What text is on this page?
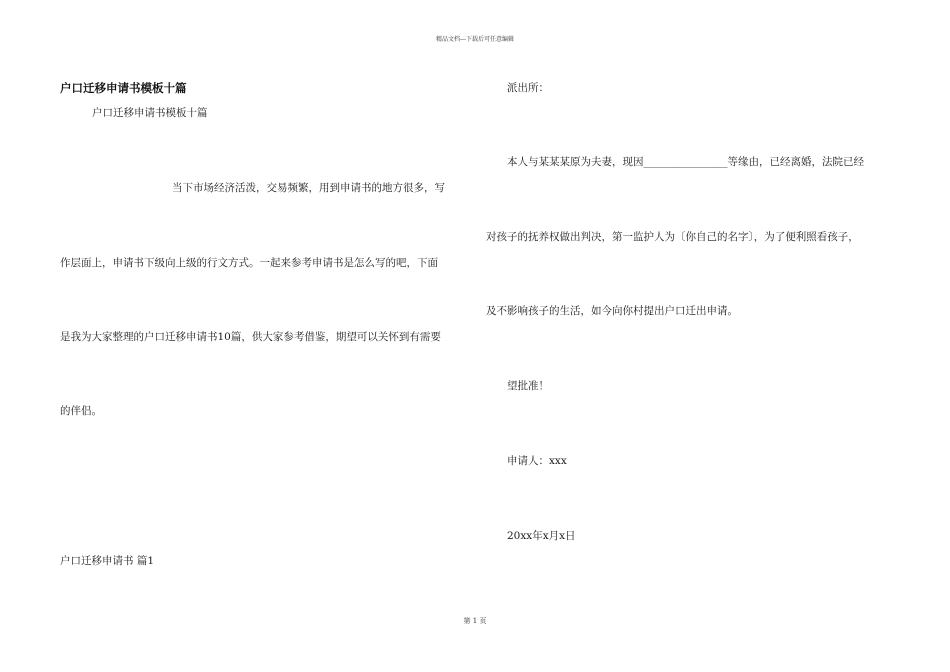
精品文档---下载后可任意编辑
户口迁移申请书模板十篇
户口迁移申请书模板十篇
当下市场经济活泼，交易频繁，用到申请书的地方很多，写
作层面上，申请书下级向上级的行文方式。一起来参考申请书是怎么写的吧，下面
是我为大家整理的户口迁移申请书10篇，供大家参考借鉴，期望可以关怀到有需要
的伴侣。
户口迁移申请书 篇1
派出所：
本人与某某某原为夫妻，现因________________等缘由，已经离婚，法院已经
对孩子的抚养权做出判决，第一监护人为〔你自己的名字〕，为了便利照看孩子，
及不影响孩子的生活，如今向你村提出户口迁出申请。
望批准！
申请人：xxx
20xx年x月x日
第 1 页
